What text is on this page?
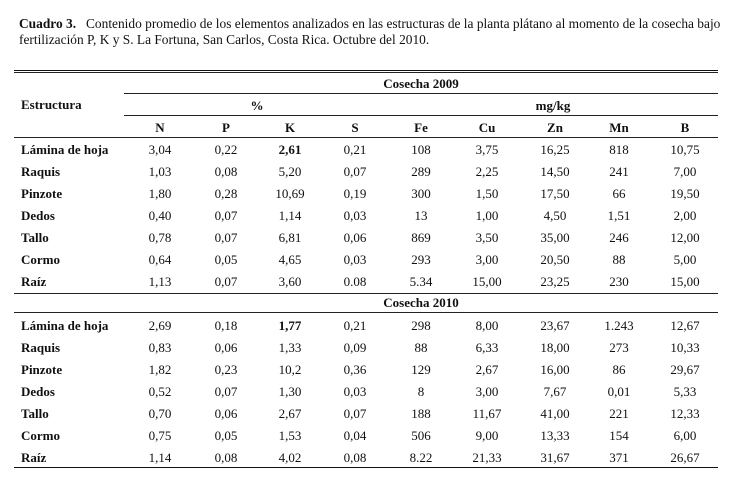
Cuadro 3. Contenido promedio de los elementos analizados en las estructuras de la planta plátano al momento de la cosecha bajo
fertilización P, K y S. La Fortuna, San Carlos, Costa Rica. Octubre del 2010.
Cosecha 2009
Estructura	%	mg/kg
N	P	K	S	Fe	Cu	Zn	Mn	B
Lámina de hoja	3,04	0,22	2,61	0,21	108	3,75	16,25	818	10,75
Raquis	1,03	0,08	5,20	0,07	289	2,25	14,50	241	7,00
Pinzote	1,80	0,28	10,69	0,19	300	1,50	17,50	66	19,50
Dedos	0,40	0,07	1,14	0,03	13	1,00	4,50	1,51	2,00
Tallo	0,78	0,07	6,81	0,06	869	3,50	35,00	246	12,00
Cormo	0,64	0,05	4,65	0,03	293	3,00	20,50	88	5,00
Raíz	1,13	0,07	3,60	0.08	5.34	15,00	23,25	230	15,00
Cosecha 2010
Lámina de hoja	2,69	0,18	1,77	0,21	298	8,00	23,67	1.243	12,67
Raquis	0,83	0,06	1,33	0,09	88	6,33	18,00	273	10,33
Pinzote	1,82	0,23	10,2	0,36	129	2,67	16,00	86	29,67
Dedos	0,52	0,07	1,30	0,03	8	3,00	7,67	0,01	5,33
Tallo	0,70	0,06	2,67	0,07	188	11,67	41,00	221	12,33
Cormo	0,75	0,05	1,53	0,04	506	9,00	13,33	154	6,00
Raíz	1,14	0,08	4,02	0,08	8.22	21,33	31,67	371	26,67
